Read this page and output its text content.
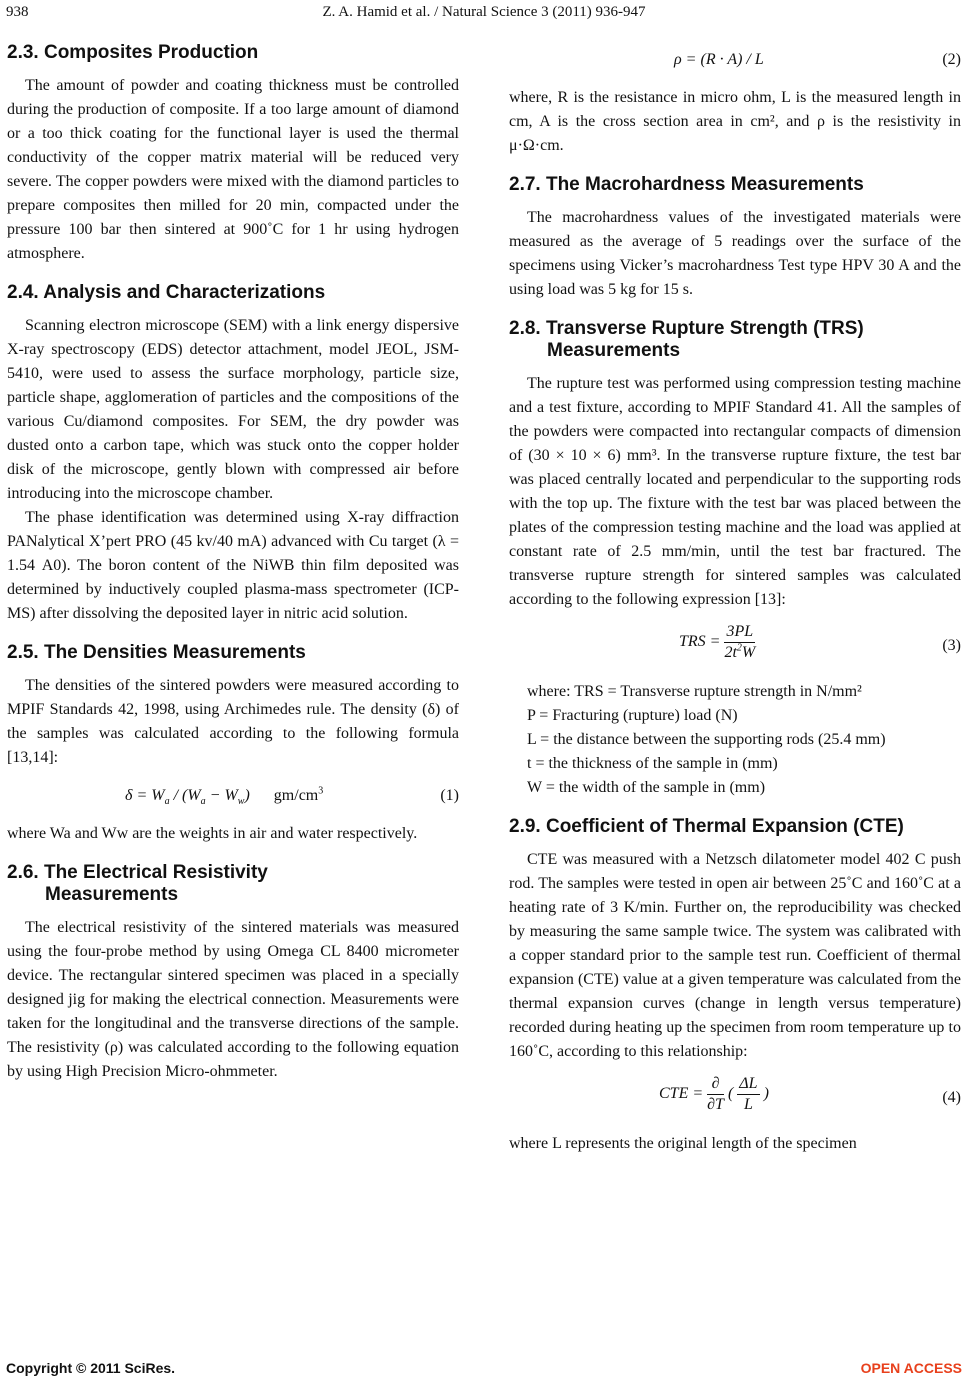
938	Z. A. Hamid et al. / Natural Science 3 (2011) 936-947
2.3. Composites Production

The amount of powder and coating thickness must be controlled during the production of composite. If a too large amount of diamond or a too thick coating for the functional layer is used the thermal conductivity of the copper matrix material will be reduced very severe. The copper powders were mixed with the diamond particles to prepare composites then milled for 20 min, compacted under the pressure 100 bar then sintered at 900˚C for 1 hr using hydrogen atmosphere.

2.4. Analysis and Characterizations

Scanning electron microscope (SEM) with a link energy dispersive X-ray spectroscopy (EDS) detector attachment, model JEOL, JSM-5410, were used to assess the surface morphology, particle size, particle shape, agglomeration of particles and the compositions of the various Cu/diamond composites. For SEM, the dry powder was dusted onto a carbon tape, which was stuck onto the copper holder disk of the microscope, gently blown with compressed air before introducing into the microscope chamber.

The phase identification was determined using X-ray diffraction PANalytical X’pert PRO (45 kv/40 mA) advanced with Cu target (λ = 1.54 A0). The boron content of the NiWB thin film deposited was determined by inductively coupled plasma-mass spectrometer (ICP-MS) after dissolving the deposited layer in nitric acid solution.

2.5. The Densities Measurements

The densities of the sintered powders were measured according to MPIF Standards 42, 1998, using Archimedes rule. The density (δ) of the samples was calculated according to the following formula [13,14]:

$\delta = W_a / (W_a - W_w)$      $gm/cm^3$	(1)

where Wa and Ww are the weights in air and water respectively.

2.6. The Electrical Resistivity
Measurements

The electrical resistivity of the sintered materials was measured using the four-probe method by using Omega CL 8400 micrometer device. The rectangular sintered specimen was placed in a specially designed jig for making the electrical connection. Measurements were taken for the longitudinal and the transverse directions of the sample. The resistivity (ρ) was calculated according to the following equation by using High Precision Micro-ohmmeter.

ρ = (R · A) / L	(2)

where, R is the resistance in micro ohm, L is the measured length in cm, A is the cross section area in cm², and ρ is the resistivity in μ·Ω·cm.

2.7. The Macrohardness Measurements

The macrohardness values of the investigated materials were measured as the average of 5 readings over the surface of the specimens using Vicker’s macrohardness Test type HPV 30 A and the using load was 5 kg for 15 s.

2.8. Transverse Rupture Strength (TRS)
Measurements

The rupture test was performed using compression testing machine and a test fixture, according to MPIF Standard 41. All the samples of the powders were compacted into rectangular compacts of dimension of (30 × 10 × 6) mm³. In the transverse rupture fixture, the test bar was placed centrally located and perpendicular to the supporting rods with the top up. The fixture with the test bar was placed between the plates of the compression testing machine and the load was applied at constant rate of 2.5 mm/min, until the test bar fractured. The transverse rupture strength for sintered samples was calculated according to the following expression [13]:

TRS = $\frac{3PL}{2t^2W}$	(3)

where: TRS = Transverse rupture strength in N/mm²

P = Fracturing (rupture) load (N)

L = the distance between the supporting rods (25.4 mm)

t = the thickness of the sample in (mm)

W = the width of the sample in (mm)

2.9. Coefficient of Thermal Expansion (CTE)

CTE was measured with a Netzsch dilatometer model 402 C push rod. The samples were tested in open air between 25˚C and 160˚C at a heating rate of 3 K/min. Further on, the reproducibility was checked by measuring the same sample twice. The system was calibrated with a copper standard prior to the sample test run. Coefficient of thermal expansion (CTE) value at a given temperature was calculated from the thermal expansion curves (change in length versus temperature) recorded during heating up the specimen from room temperature up to 160˚C, according to this relationship:

CTE = $\frac{\partial}{\partial T}$ ( $\frac{\Delta L}{L}$ )	(4)

where L represents the original length of the specimen

Copyright © 2011 SciRes.	OPEN ACCESS
